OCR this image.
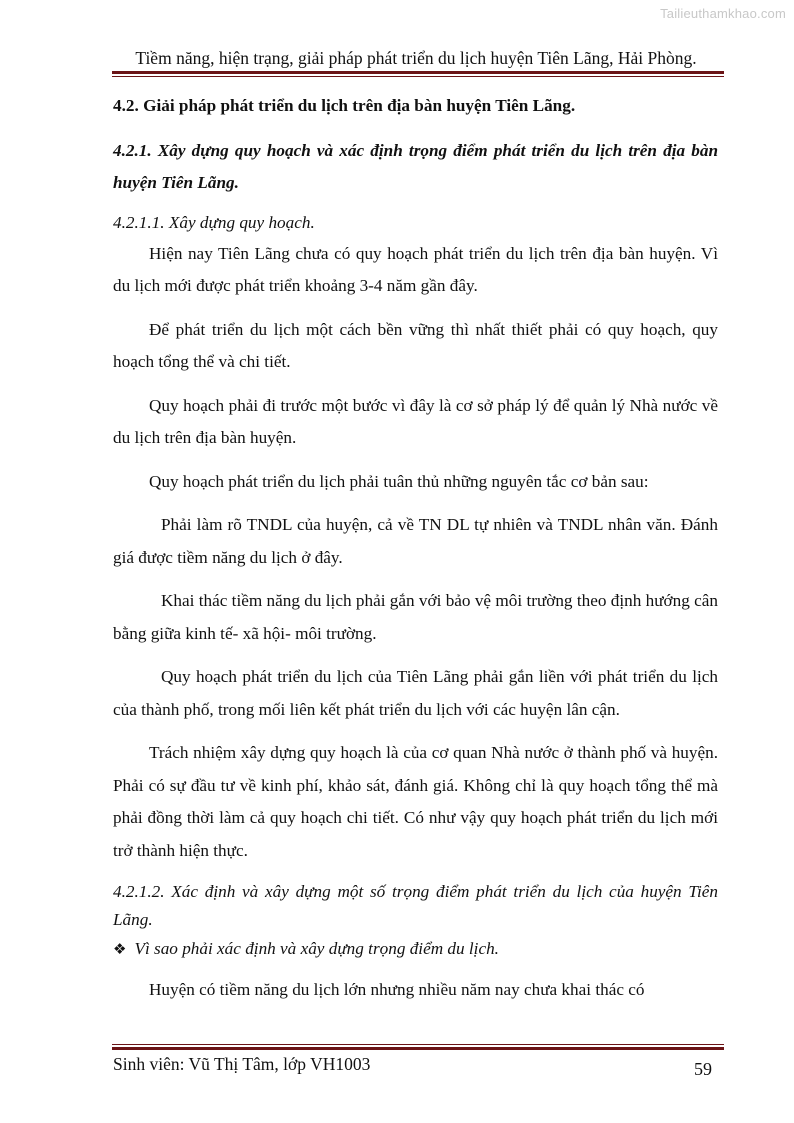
Tailieuthamkhao.com
Tiềm năng, hiện trạng, giải pháp phát triển du lịch huyện Tiên Lãng, Hải Phòng.

4.2. Giải pháp phát triển du lịch trên địa bàn huyện Tiên Lãng.

4.2.1. Xây dựng quy hoạch và xác định trọng điểm phát triển du lịch trên địa bàn huyện Tiên Lãng.

4.2.1.1. Xây dựng quy hoạch.

Hiện nay Tiên Lãng chưa có quy hoạch phát triển du lịch trên địa bàn huyện. Vì du lịch mới được phát triển khoảng 3-4 năm gần đây.

Để phát triển du lịch một cách bền vững thì nhất thiết phải có quy hoạch, quy hoạch tổng thể và chi tiết.

Quy hoạch phải đi trước một bước vì đây là cơ sở pháp lý để quản lý Nhà nước về du lịch trên địa bàn huyện.

Quy hoạch phát triển du lịch phải tuân thủ những nguyên tắc cơ bản sau:

Phải làm rõ TNDL của huyện, cả về TN DL tự nhiên và TNDL nhân văn. Đánh giá được tiềm năng du lịch ở đây.

Khai thác tiềm năng du lịch phải gắn với bảo vệ môi trường theo định hướng cân bằng giữa kinh tế- xã hội- môi trường.

Quy hoạch phát triển du lịch của Tiên Lãng phải gắn liền với phát triển du lịch của thành phố, trong mối liên kết phát triển du lịch với các huyện lân cận.

Trách nhiệm xây dựng quy hoạch là của cơ quan Nhà nước ở thành phố và huyện. Phải có sự đầu tư về kinh phí, khảo sát, đánh giá. Không chỉ là quy hoạch tổng thể mà phải đồng thời làm cả quy hoạch chi tiết. Có như vậy quy hoạch phát triển du lịch mới trở thành hiện thực.

4.2.1.2. Xác định và xây dựng một số trọng điểm phát triển du lịch của huyện Tiên Lãng.

❖ Vì sao phải xác định và xây dựng trọng điểm du lịch.

Huyện có tiềm năng du lịch lớn nhưng nhiều năm nay chưa khai thác có

Sinh viên: Vũ Thị Tâm, lớp VH1003	59
